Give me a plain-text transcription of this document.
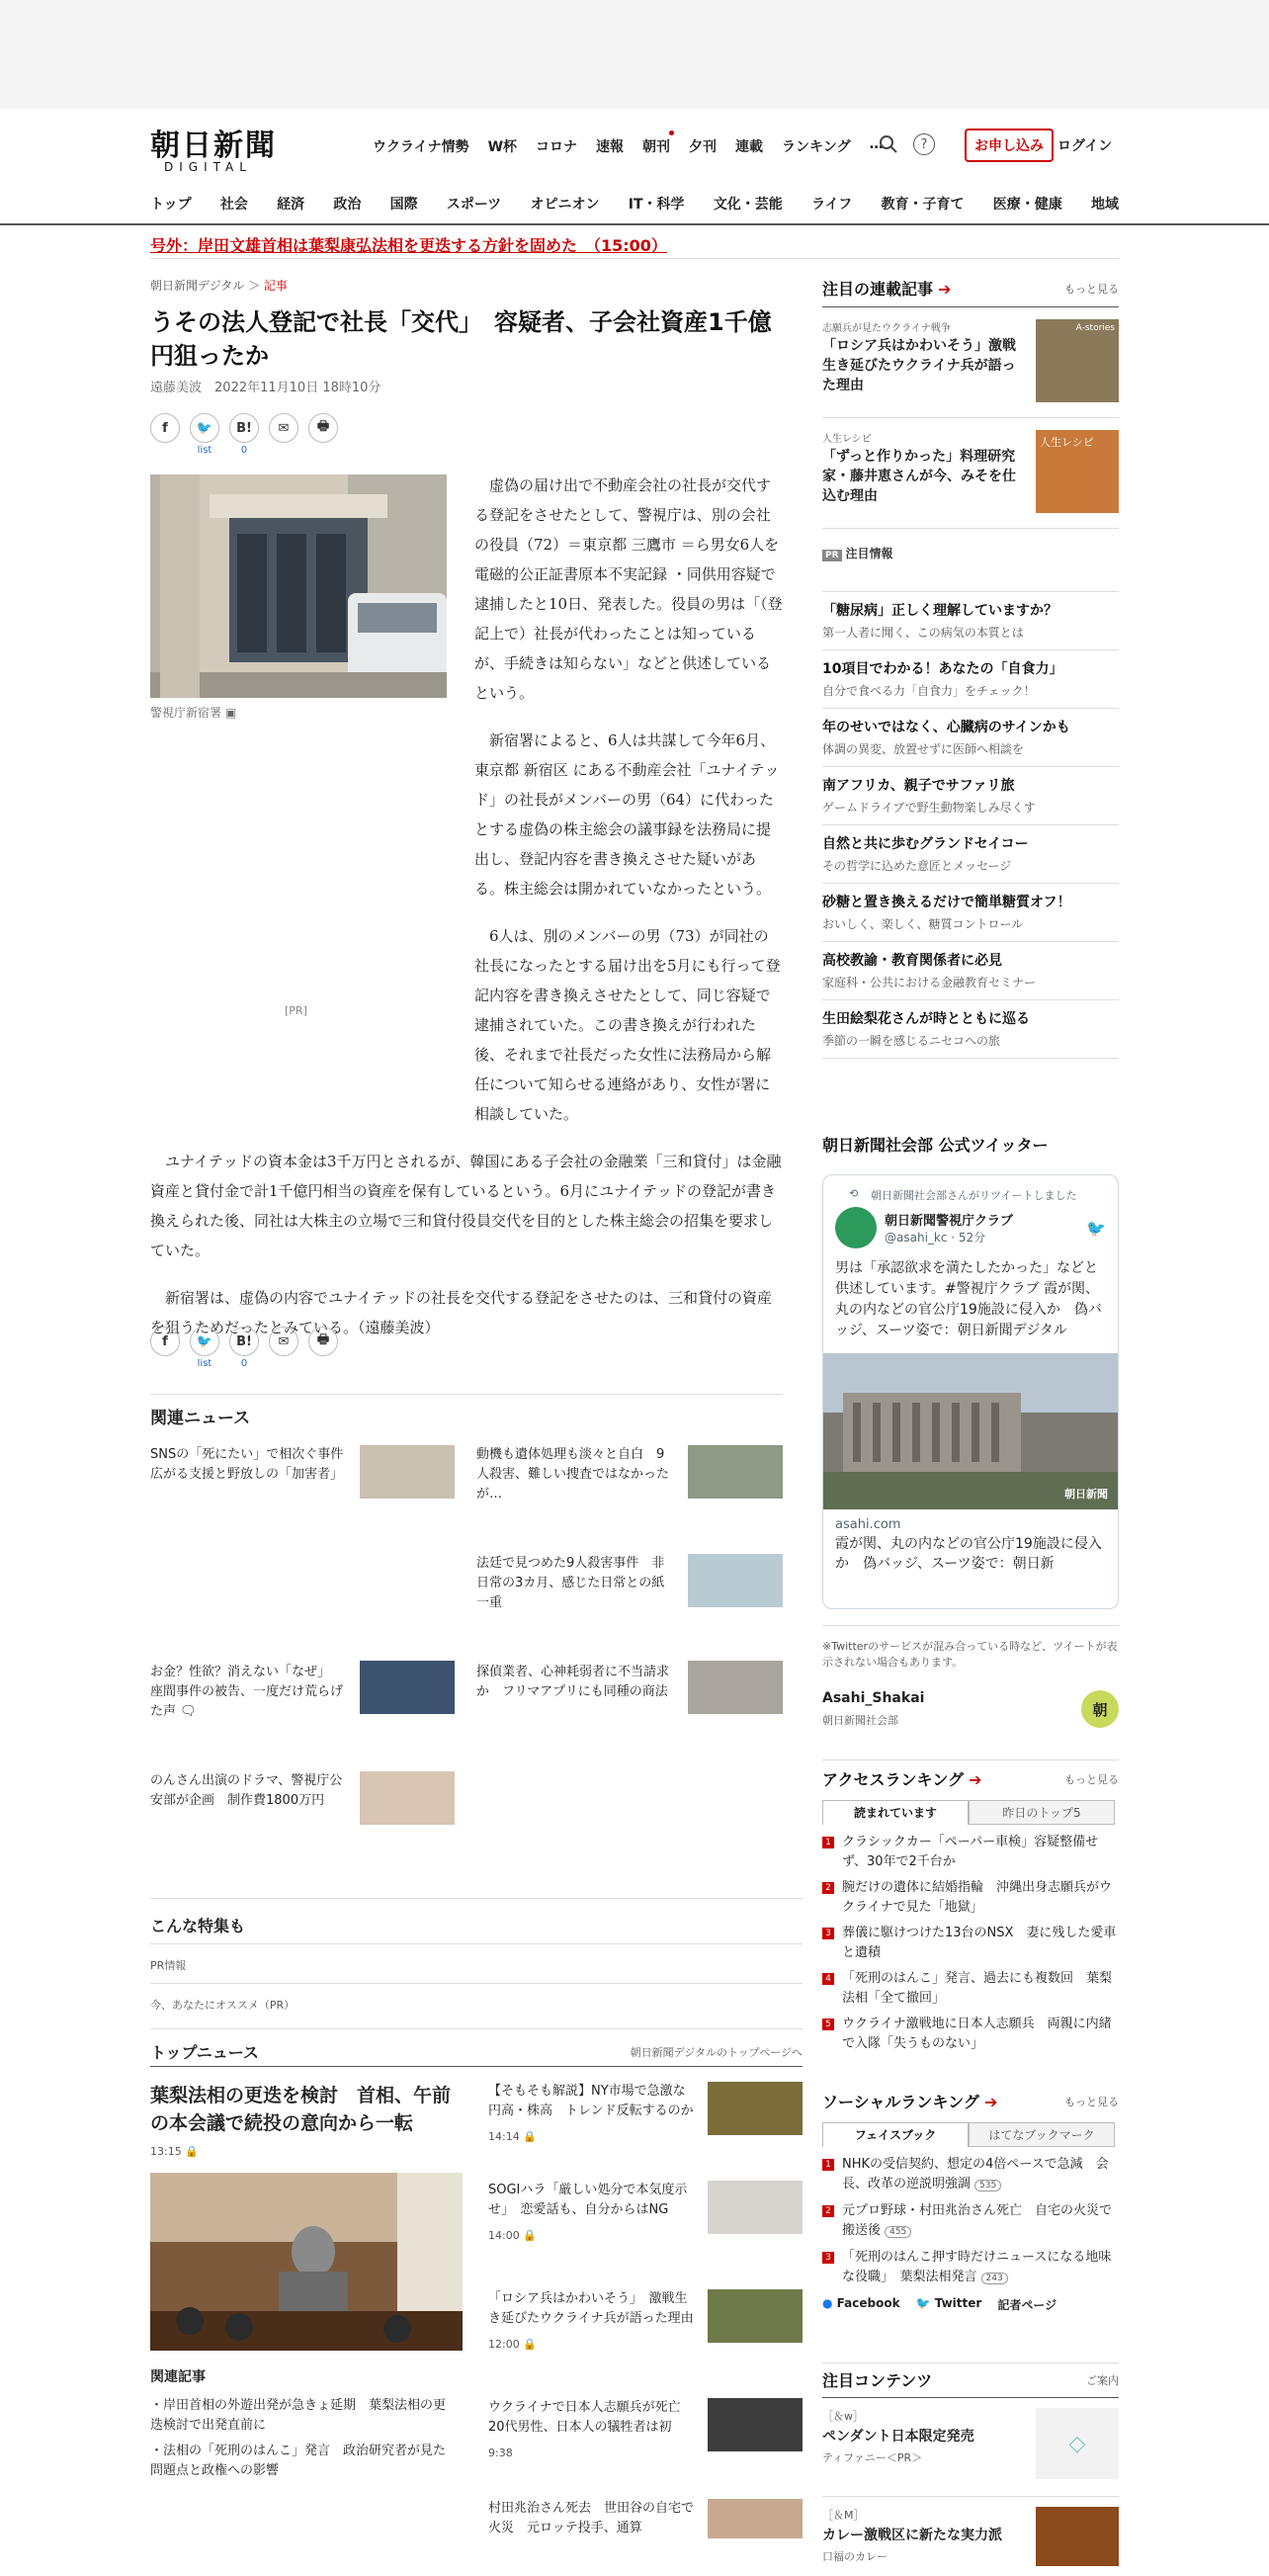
朝日新聞
DIGITAL
ウクライナ情勢 W杯 コロナ 速報 朝刊 夕刊 連載 ランキング …	?	お申し込み	ログイン
トップ 社会 経済 政治 国際 スポーツ オピニオン IT・科学 文化・芸能 ライフ 教育・子育て 医療・健康 地域
号外：岸田文雄首相は葉梨康弘法相を更迭する方針を固めた　（15:00）
朝日新聞デジタル ＞ 記事
うその法人登記で社長「交代」　容疑者、子会社資産1千億円狙ったか
遠藤美波　 2022年11月10日 18時10分
f	🐦
list
B!
0
✉	🖶
警視庁新宿署 ▣
[PR]

虚偽の届け出で不動産会社の社長が交代する登記をさせたとして、警視庁は、別の会社の役員（72）＝東京都 三鷹市 ＝ら男女6人を 電磁的公正証書原本不実記録 ・同供用容疑で逮捕したと10日、発表した。役員の男は「（登記上で）社長が代わったことは知っているが、手続きは知らない」などと供述しているという。

新宿署によると、6人は共謀して今年6月、東京都 新宿区 にある不動産会社「ユナイテッド」の社長がメンバーの男（64）に代わったとする虚偽の株主総会の議事録を法務局に提出し、登記内容を書き換えさせた疑いがある。株主総会は開かれていなかったという。

6人は、別のメンバーの男（73）が同社の社長になったとする届け出を5月にも行って登記内容を書き換えさせたとして、同じ容疑で逮捕されていた。この書き換えが行われた後、それまで社長だった女性に法務局から解任について知らせる連絡があり、女性が署に相談していた。

ユナイテッドの資本金は3千万円とされるが、韓国にある子会社の金融業「三和貸付」は金融資産と貸付金で計1千億円相当の資産を保有しているという。6月にユナイテッドの登記が書き換えられた後、同社は大株主の立場で三和貸付役員交代を目的とした株主総会の招集を要求していた。

新宿署は、虚偽の内容でユナイテッドの社長を交代する登記をさせたのは、三和貸付の資産を狙うためだったとみている。（遠藤美波）

f	🐦
list
B!
0
✉	🖶
関連ニュース
SNSの「死にたい」で相次ぐ事件　広がる支援と野放しの「加害者」
動機も遺体処理も淡々と自白　9人殺害、難しい捜査ではなかったが…
法廷で見つめた9人殺害事件　非日常の3カ月、感じた日常との紙一重
お金？性欲？消えない「なぜ」　座間事件の被告、一度だけ荒らげた声 🗨
探偵業者、心神耗弱者に不当請求か　フリマアプリにも同種の商法
のんさん出演のドラマ、警視庁公安部が企画　制作費1800万円
こんな特集も
PR情報
今、あなたにオススメ（PR）
トップニュース	朝日新聞デジタルのトップページへ
葉梨法相の更迭を検討　首相、午前の本会議で続投の意向から一転
13:15 🔒
関連記事
・岸田首相の外遊出発が急きょ延期　葉梨法相の更迭検討で出発直前に
・法相の「死刑のはんこ」発言　政治研究者が見た問題点と政権への影響
【そもそも解説】NY市場で急激な円高・株高　トレンド反転するのか
14:14 🔒
SOGIハラ「厳しい処分で本気度示せ」　恋愛話も、自分からはNG
14:00 🔒
「ロシア兵はかわいそう」　激戦生き延びたウクライナ兵が語った理由
12:00 🔒
ウクライナで日本人志願兵が死亡　20代男性、日本人の犠牲者は初
9:38
村田兆治さん死去　世田谷の自宅で火災　元ロッテ投手、通算
注目の連載記事 ➔	もっと見る
志願兵が見たウクライナ戦争
「ロシア兵はかわいそう」激戦生き延びたウクライナ兵が語った理由
A-stories
人生レシピ
「ずっと作りかった」料理研究家・藤井恵さんが今、みそを仕込む理由
人生レシピ
PR 注目情報
「糖尿病」正しく理解していますか？
第一人者に聞く、この病気の本質とは
10項目でわかる！あなたの「自食力」
自分で食べる力「自食力」をチェック！
年のせいではなく、心臓病のサインかも
体調の異変、放置せずに医師へ相談を
南アフリカ、親子でサファリ旅
ゲームドライブで野生動物楽しみ尽くす
自然と共に歩むグランドセイコー
その哲学に込めた意匠とメッセージ
砂糖と置き換えるだけで簡単糖質オフ！
おいしく、楽しく、糖質コントロール
高校教諭・教育関係者に必見
家庭科・公共における金融教育セミナー
生田絵梨花さんが時とともに巡る
季節の一瞬を感じるニセコへの旅
朝日新聞社会部 公式ツイッター
⟲ 朝日新聞社会部さんがリツイートしました
朝日新聞警視庁クラブ
@asahi_kc · 52分
🐦
男は「承認欲求を満たしたかった」などと供述しています。#警視庁クラブ 霞が関、丸の内などの官公庁19施設に侵入か　偽バッジ、スーツ姿で：朝日新聞デジタル
朝日新聞
asahi.com
霞が関、丸の内などの官公庁19施設に侵入か　偽バッジ、スーツ姿で：朝日新
※Twitterのサービスが混み合っている時など、ツイートが表示されない場合もあります。
Asahi_Shakai
朝日新聞社会部
朝
アクセスランキング ➔	もっと見る
読まれています	昨日のトップ5
1 クラシックカー「ペーパー車検」容疑整備せず、30年で2千台か
2 腕だけの遺体に結婚指輪　沖縄出身志願兵がウクライナで見た「地獄」
3 葬儀に駆けつけた13台のNSX　妻に残した愛車と遺積
4 「死刑のはんこ」発言、過去にも複数回　葉梨法相「全て撤回」
5 ウクライナ激戦地に日本人志願兵　両親に内緒で入隊「失うものない」
ソーシャルランキング ➔	もっと見る
フェイスブック	はてなブックマーク
1 NHKの受信契約、想定の4倍ペースで急減　会長、改革の逆説明強調 535
2 元プロ野球・村田兆治さん死亡　自宅の火災で搬送後 455
3 「死刑のはんこ押す時だけニュースになる地味な役職」　葉梨法相発言 243
● Facebook 🐦 Twitter 記者ページ
注目コンテンツ	ご案内
［＆w］
ペンダント日本限定発売
ティファニー＜PR＞
◇
［＆M］
カレー激戦区に新たな実力派
口福のカレー
